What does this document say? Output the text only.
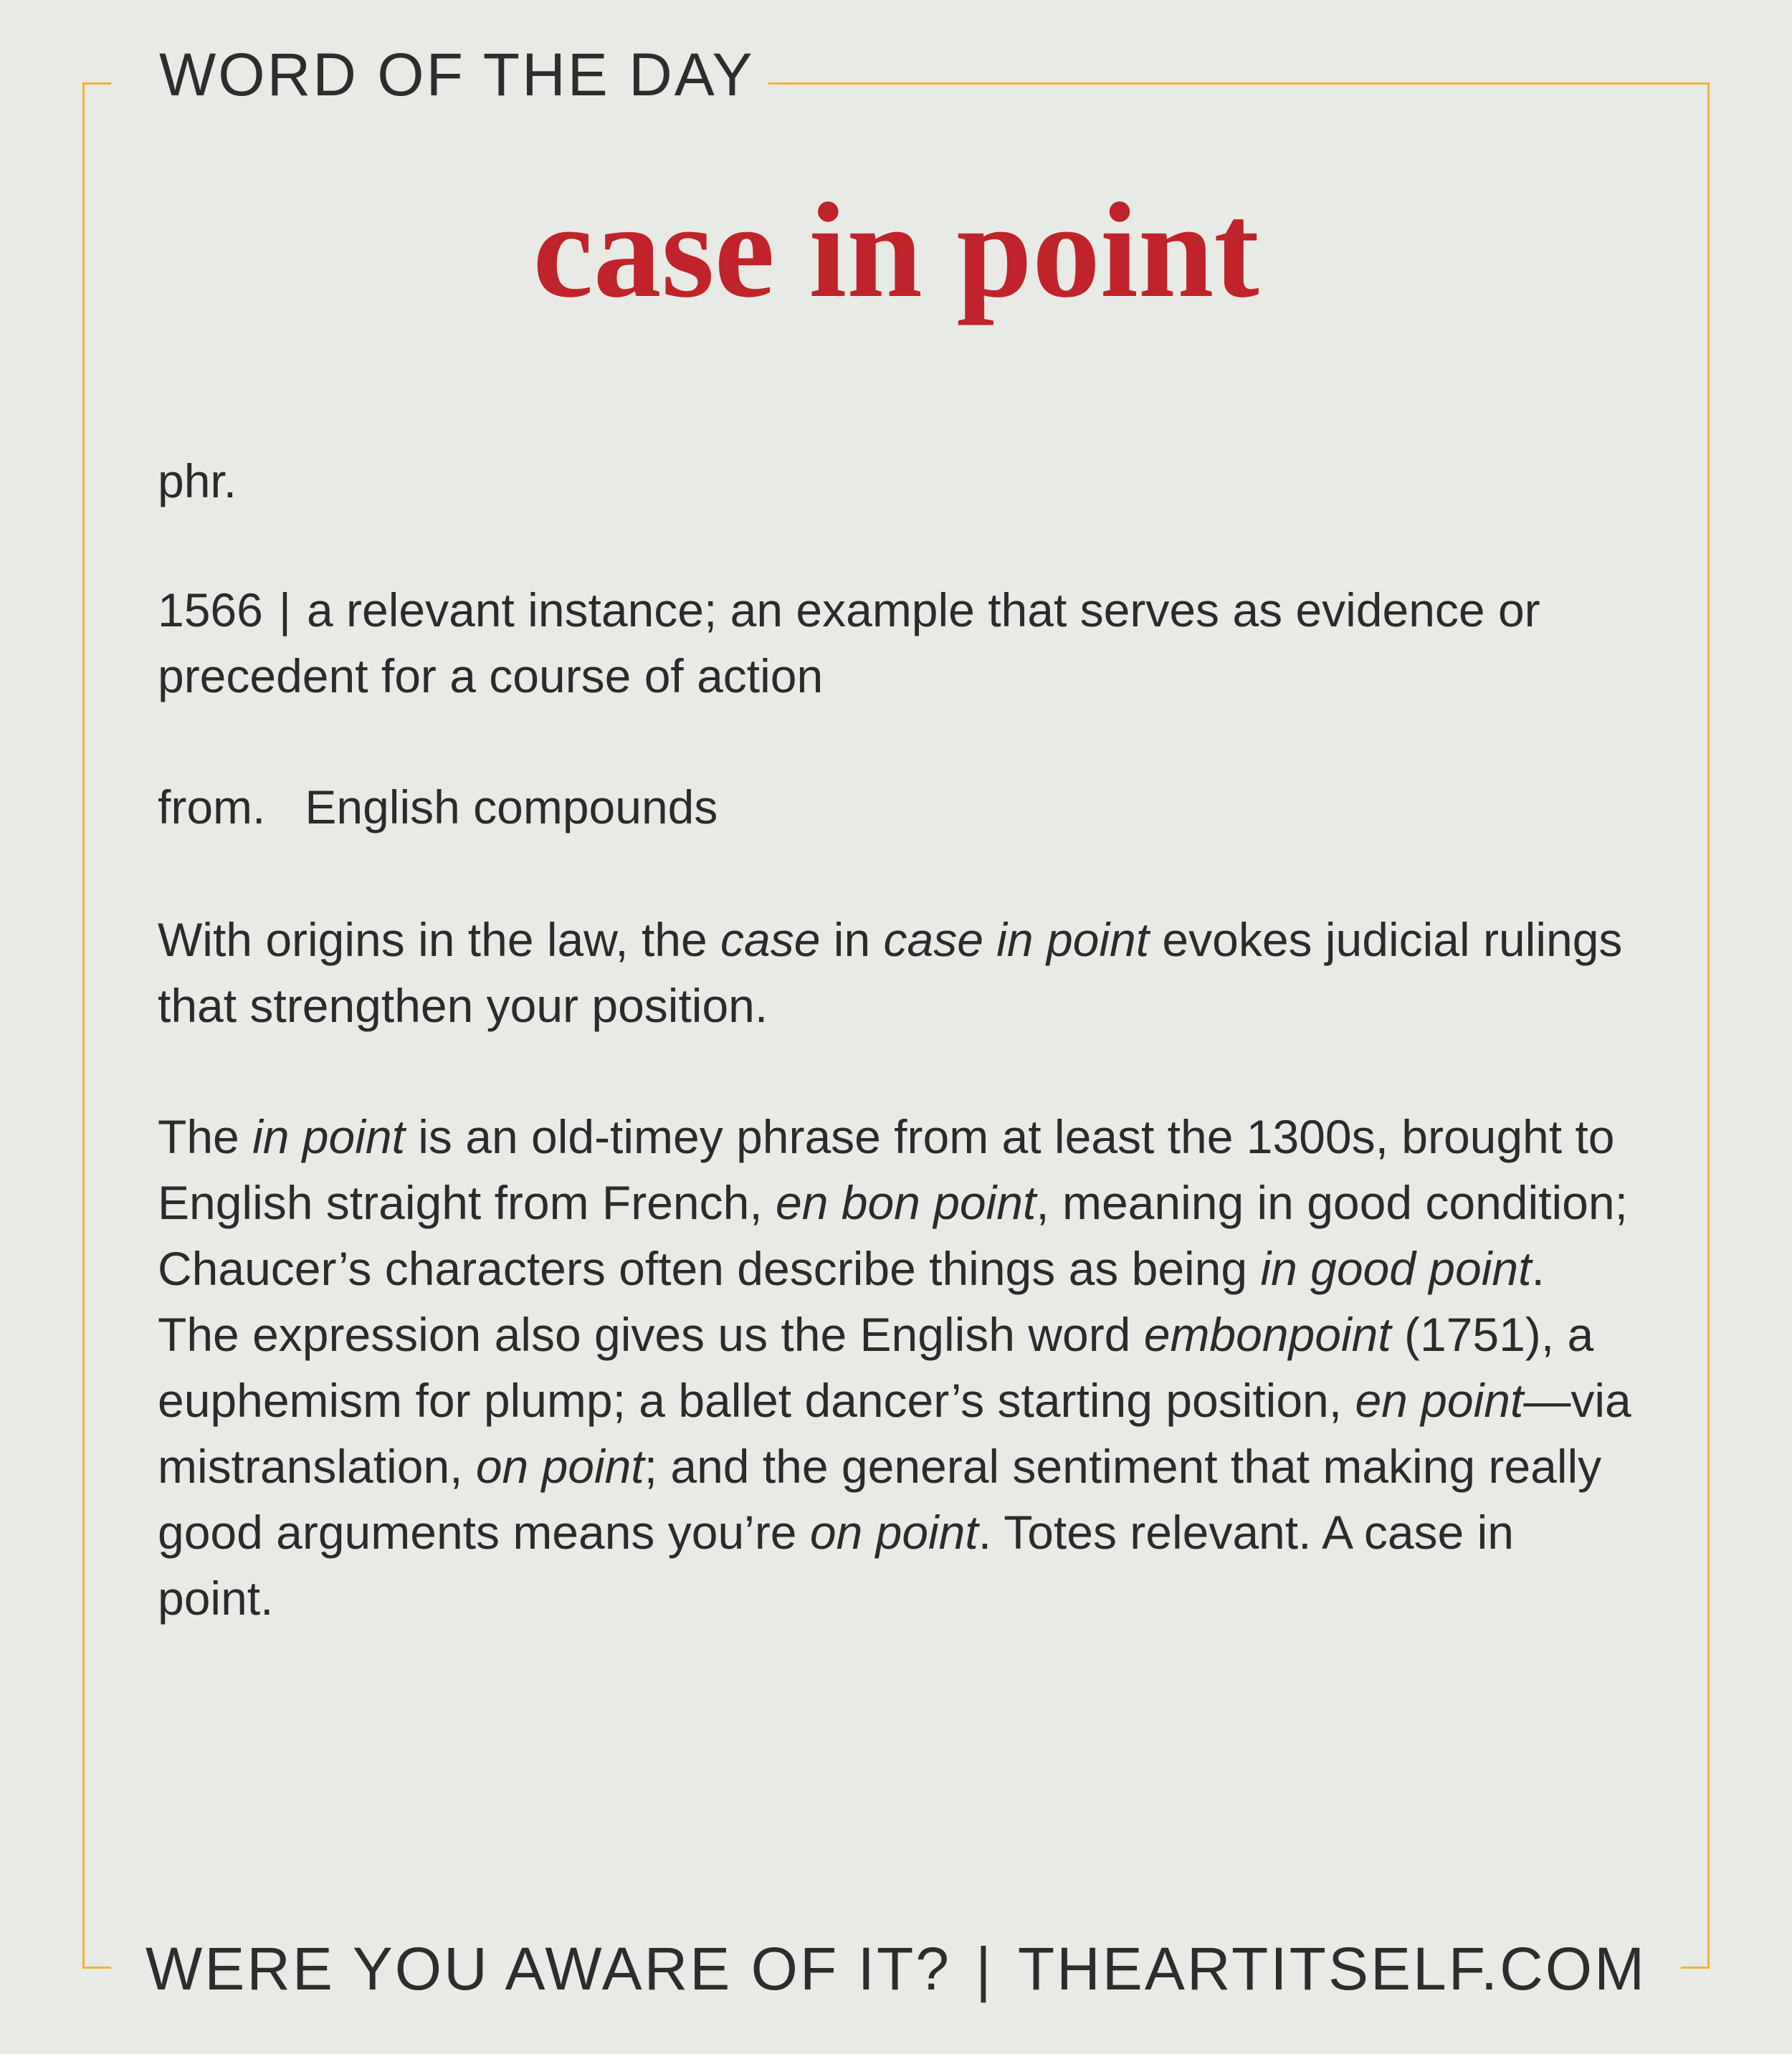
WORD OF THE DAY
case in point
phr.
1566 | a relevant instance; an example that serves as evidence or precedent for a course of action
from. English compounds
With origins in the law, the case in case in point evokes judicial rulings that strengthen your position.
The in point is an old-timey phrase from at least the 1300s, brought to English straight from French, en bon point, meaning in good condition; Chaucer’s characters often describe things as being in good point. The expression also gives us the English word embonpoint (1751), a euphemism for plump; a ballet dancer’s starting position, en point—via mistranslation, on point; and the general sentiment that making really good arguments means you’re on point. Totes relevant. A case in point.
WERE YOU AWARE OF IT? | THEARTITSELF.COM
